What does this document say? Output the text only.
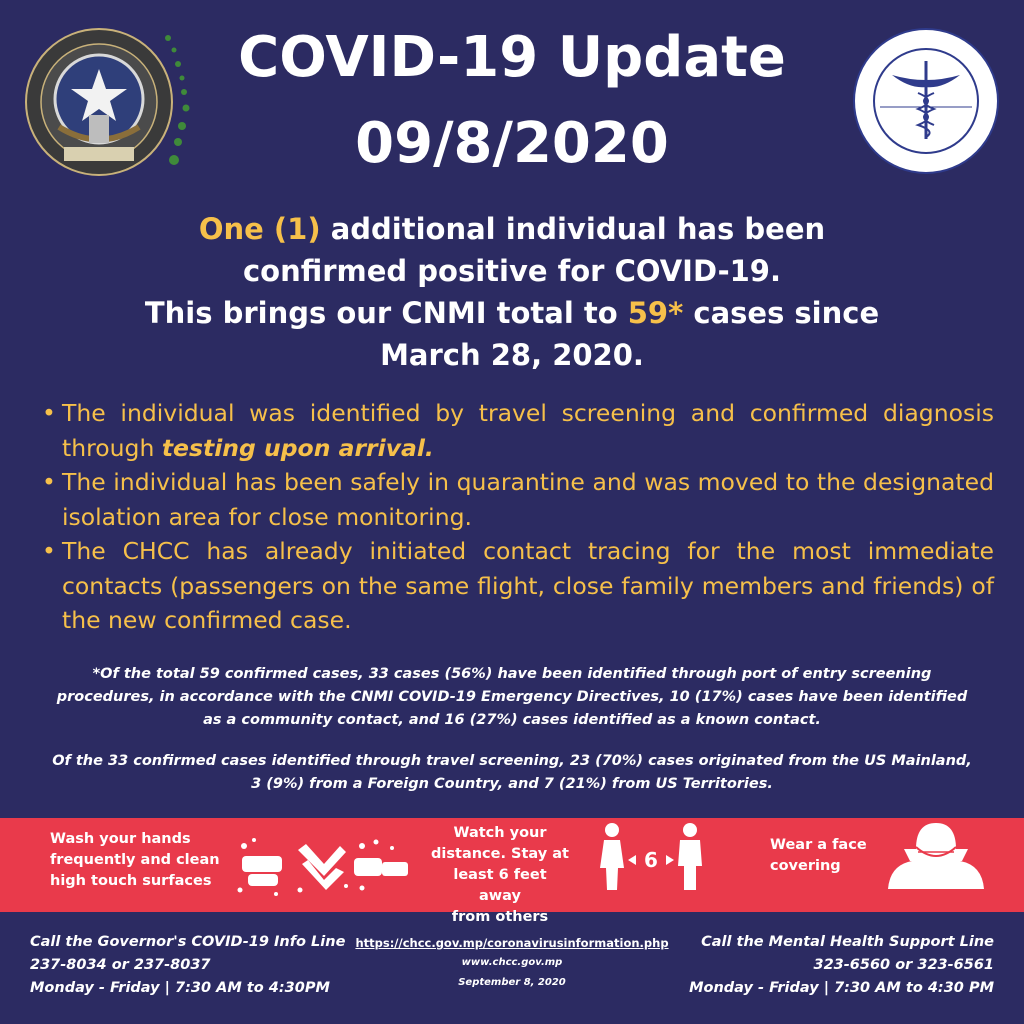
COVID-19 Update
09/8/2020
One (1) additional individual has been
confirmed positive for COVID-19.
This brings our CNMI total to 59* cases since
March 28, 2020.
• The individual was identified by travel screening and confirmed diagnosis through testing upon arrival.
• The individual has been safely in quarantine and was moved to the designated isolation area for close monitoring.
• The CHCC has already initiated contact tracing for the most immediate contacts (passengers on the same flight, close family members and friends) of the new confirmed case.
*Of the total 59 confirmed cases, 33 cases (56%) have been identified through port of entry screening procedures, in accordance with the CNMI COVID-19 Emergency Directives, 10 (17%) cases have been identified as a community contact, and 16 (27%) cases identified as a known contact.
Of the 33 confirmed cases identified through travel screening, 23 (70%) cases originated from the US Mainland, 3 (9%) from a Foreign Country, and 7 (21%) from US Territories.
Wash your hands
frequently and clean
high touch surfaces
Watch your
distance. Stay at
least 6 feet away
from others
6
Wear a face
covering
Call the Governor's COVID-19 Info Line
237-8034 or 237-8037
Monday - Friday | 7:30 AM to 4:30PM
https://chcc.gov.mp/coronavirusinformation.php
www.chcc.gov.mp
September 8, 2020
Call the Mental Health Support Line
323-6560 or 323-6561
Monday - Friday | 7:30 AM to 4:30 PM
